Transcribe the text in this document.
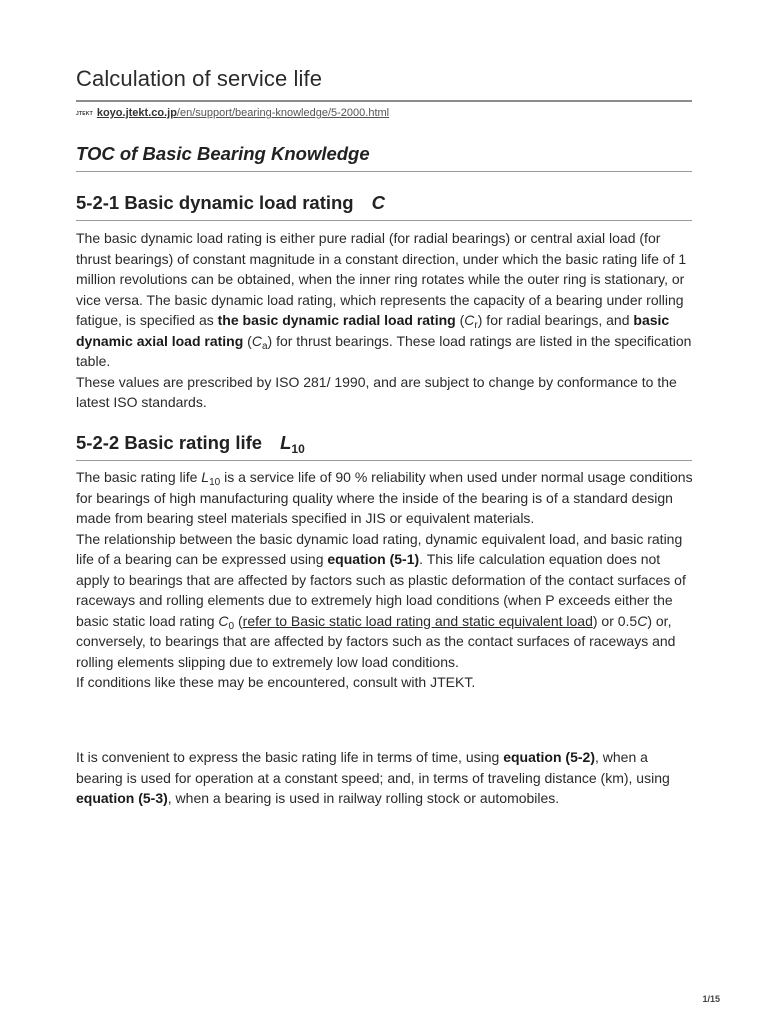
Calculation of service life
JTEKT koyo.jtekt.co.jp/en/support/bearing-knowledge/5-2000.html
TOC of Basic Bearing Knowledge
5-2-1 Basic dynamic load rating C

The basic dynamic load rating is either pure radial (for radial bearings) or central axial load (for thrust bearings) of constant magnitude in a constant direction, under which the basic rating life of 1 million revolutions can be obtained, when the inner ring rotates while the outer ring is stationary, or vice versa. The basic dynamic load rating, which represents the capacity of a bearing under rolling fatigue, is specified as the basic dynamic radial load rating $(C_r)$ for radial bearings, and basic dynamic axial load rating $(C_a)$ for thrust bearings. These load ratings are listed in the specification table.
These values are prescribed by ISO 281/ 1990, and are subject to change by conformance to the latest ISO standards.

5-2-2 Basic rating life $L_{10}$

The basic rating life $L_{10}$ is a service life of 90 % reliability when used under normal usage conditions for bearings of high manufacturing quality where the inside of the bearing is of a standard design made from bearing steel materials specified in JIS or equivalent materials.
The relationship between the basic dynamic load rating, dynamic equivalent load, and basic rating life of a bearing can be expressed using equation (5-1). This life calculation equation does not apply to bearings that are affected by factors such as plastic deformation of the contact surfaces of raceways and rolling elements due to extremely high load conditions (when P exceeds either the basic static load rating $C_0$ (refer to Basic static load rating and static equivalent load) or 0.5C) or, conversely, to bearings that are affected by factors such as the contact surfaces of raceways and rolling elements slipping due to extremely low load conditions.
If conditions like these may be encountered, consult with JTEKT.

It is convenient to express the basic rating life in terms of time, using equation (5-2), when a bearing is used for operation at a constant speed; and, in terms of traveling distance (km), using equation (5-3), when a bearing is used in railway rolling stock or automobiles.

1/15
